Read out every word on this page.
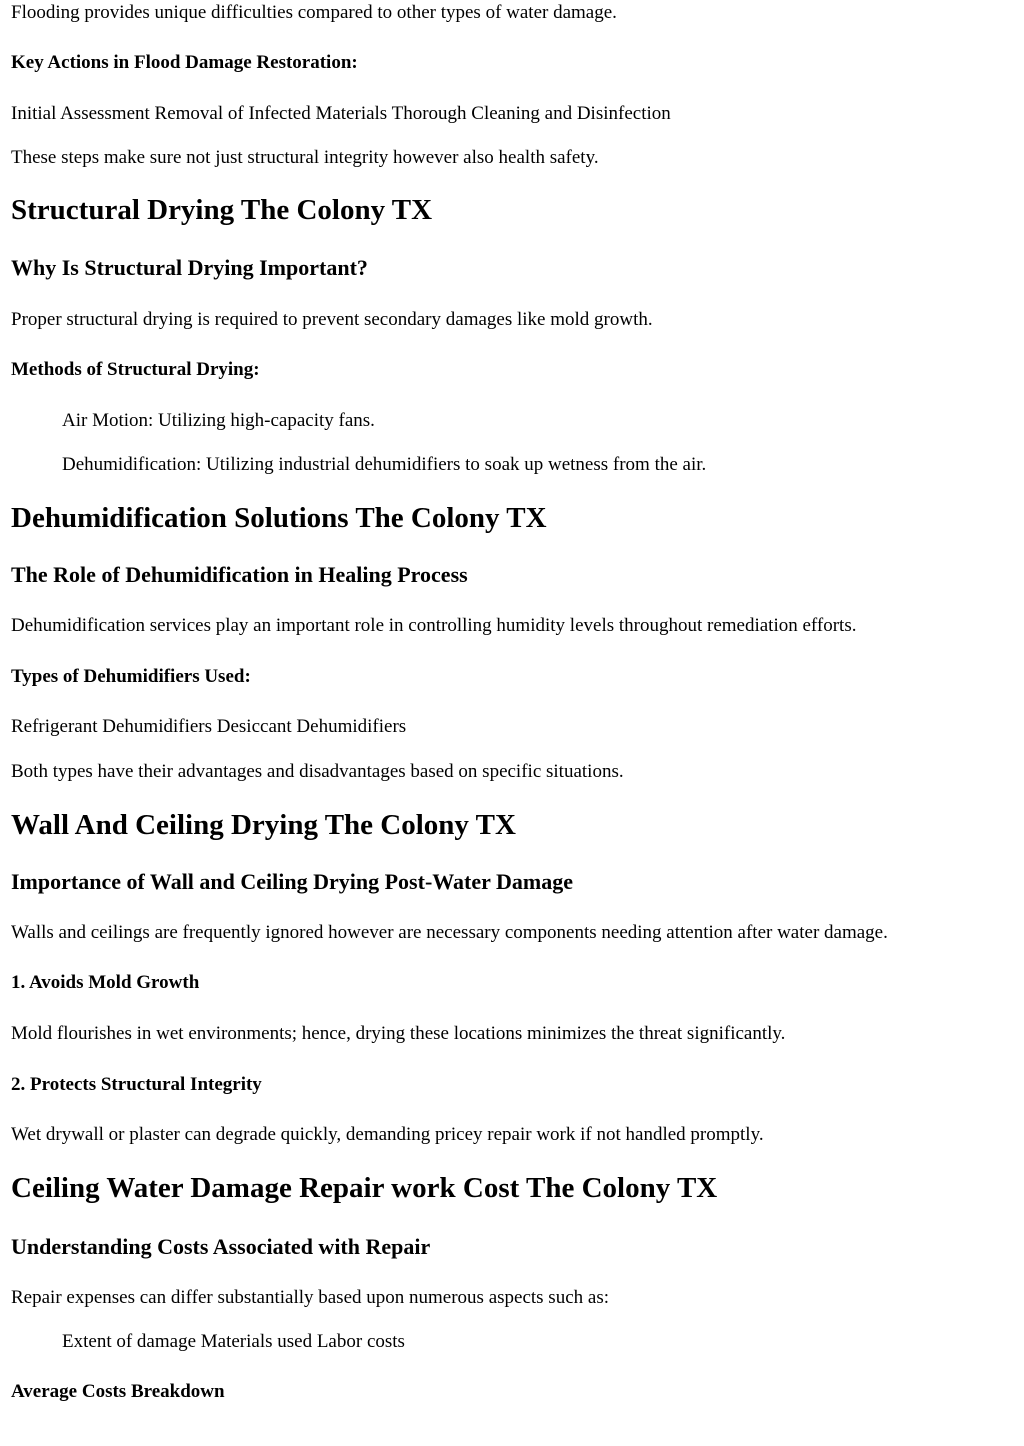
Flooding provides unique difficulties compared to other types of water damage.
Key Actions in Flood Damage Restoration:
Initial Assessment Removal of Infected Materials Thorough Cleaning and Disinfection
These steps make sure not just structural integrity however also health safety.
Structural Drying The Colony TX
Why Is Structural Drying Important?
Proper structural drying is required to prevent secondary damages like mold growth.
Methods of Structural Drying:
Air Motion: Utilizing high-capacity fans.
Dehumidification: Utilizing industrial dehumidifiers to soak up wetness from the air.
Dehumidification Solutions The Colony TX
The Role of Dehumidification in Healing Process
Dehumidification services play an important role in controlling humidity levels throughout remediation efforts.
Types of Dehumidifiers Used:
Refrigerant Dehumidifiers Desiccant Dehumidifiers
Both types have their advantages and disadvantages based on specific situations.
Wall And Ceiling Drying The Colony TX
Importance of Wall and Ceiling Drying Post-Water Damage
Walls and ceilings are frequently ignored however are necessary components needing attention after water damage.
1. Avoids Mold Growth
Mold flourishes in wet environments; hence, drying these locations minimizes the threat significantly.
2. Protects Structural Integrity
Wet drywall or plaster can degrade quickly, demanding pricey repair work if not handled promptly.
Ceiling Water Damage Repair work Cost The Colony TX
Understanding Costs Associated with Repair
Repair expenses can differ substantially based upon numerous aspects such as:
Extent of damage Materials used Labor costs
Average Costs Breakdown
